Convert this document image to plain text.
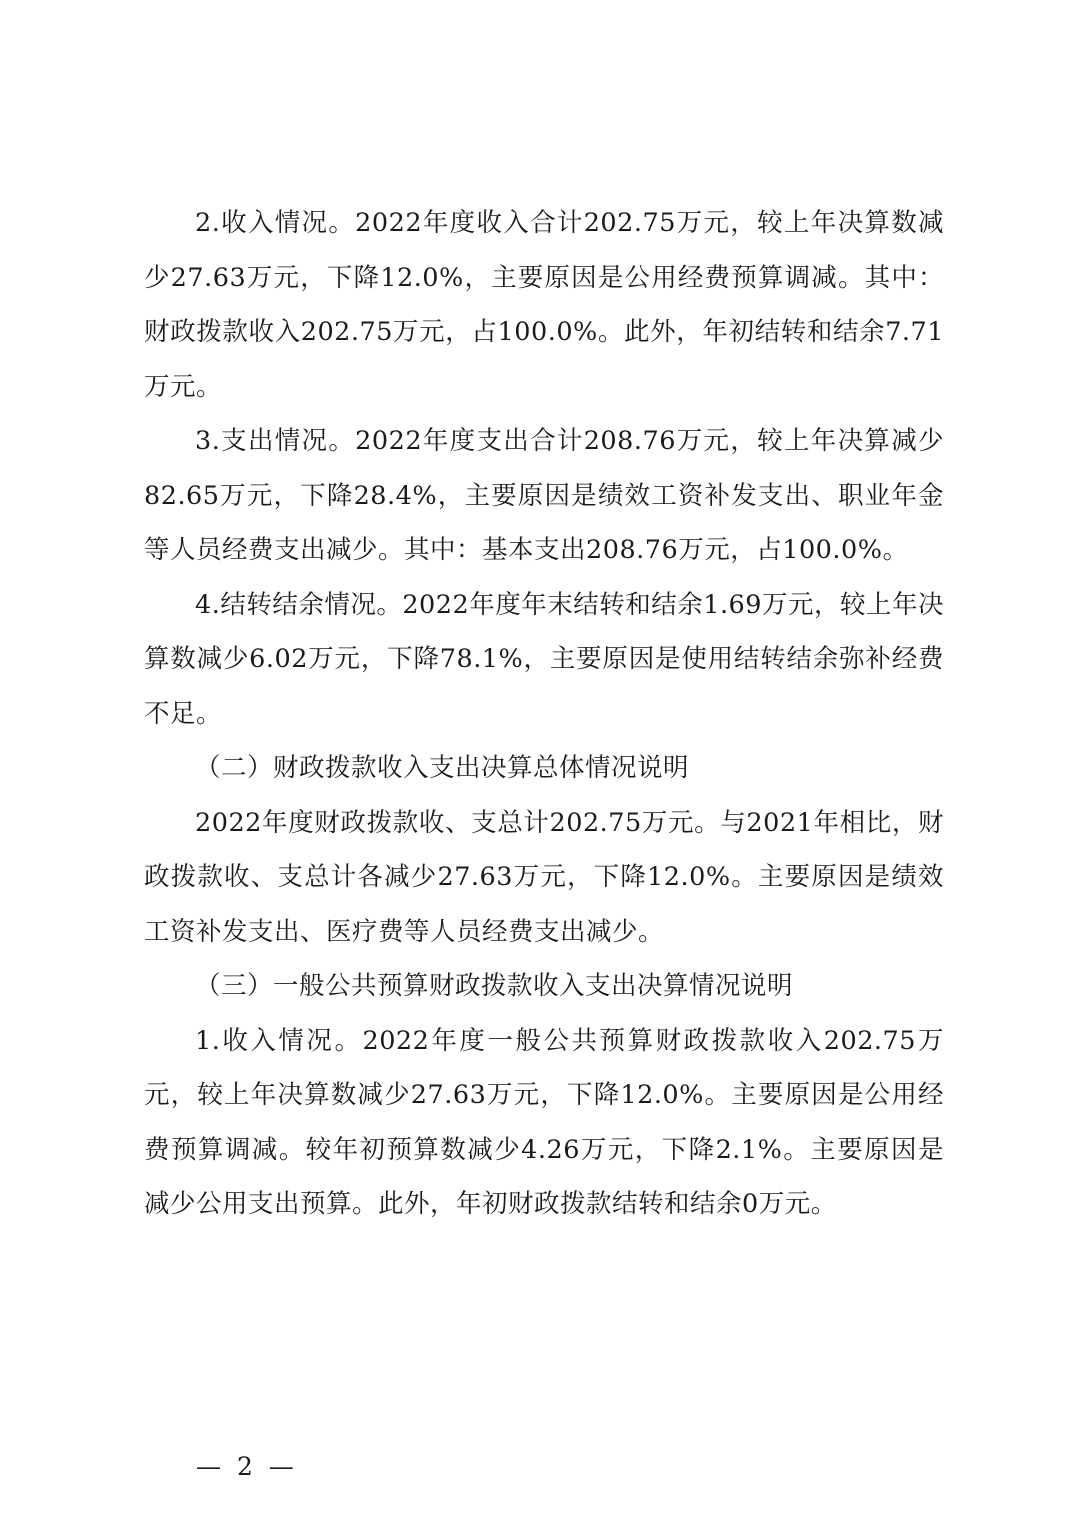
2.收入情况。2022年度收入合计202.75万元，较上年决算数减少27.63万元，下降12.0%，主要原因是公用经费预算调减。其中：财政拨款收入202.75万元，占100.0%。此外，年初结转和结余7.71万元。

3.支出情况。2022年度支出合计208.76万元，较上年决算减少82.65万元，下降28.4%，主要原因是绩效工资补发支出、职业年金等人员经费支出减少。其中：基本支出208.76万元，占100.0%。

4.结转结余情况。2022年度年末结转和结余1.69万元，较上年决算数减少6.02万元，下降78.1%，主要原因是使用结转结余弥补经费不足。

（二）财政拨款收入支出决算总体情况说明

2022年度财政拨款收、支总计202.75万元。与2021年相比，财政拨款收、支总计各减少27.63万元，下降12.0%。主要原因是绩效工资补发支出、医疗费等人员经费支出减少。

（三）一般公共预算财政拨款收入支出决算情况说明

1.收入情况。2022年度一般公共预算财政拨款收入202.75万元，较上年决算数减少27.63万元，下降12.0%。主要原因是公用经费预算调减。较年初预算数减少4.26万元，下降2.1%。主要原因是减少公用支出预算。此外，年初财政拨款结转和结余0万元。

— 2 —
